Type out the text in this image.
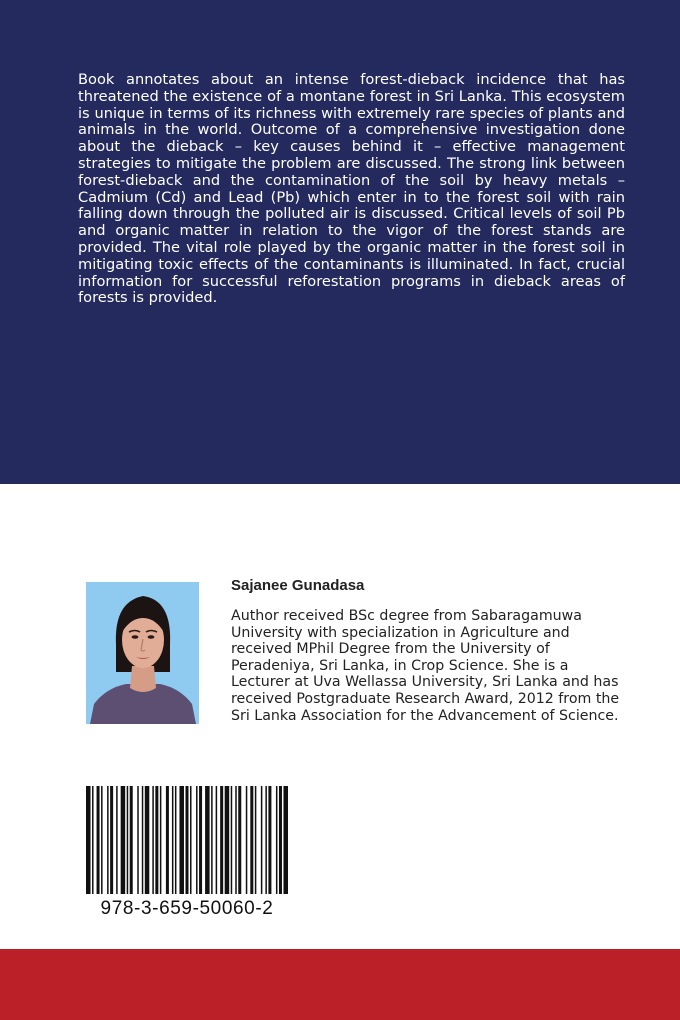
Book annotates about an intense forest-dieback incidence that has threatened the existence of a montane forest in Sri Lanka. This ecosystem is unique in terms of its richness with extremely rare species of plants and animals in the world. Outcome of a comprehensive investigation done about the dieback – key causes behind it – effective management strategies to mitigate the problem are discussed. The strong link between forest-dieback and the contamination of the soil by heavy metals – Cadmium (Cd) and Lead (Pb) which enter in to the forest soil with rain falling down through the polluted air is discussed. Critical levels of soil Pb and organic matter in relation to the vigor of the forest stands are provided. The vital role played by the organic matter in the forest soil in mitigating toxic effects of the contaminants is illuminated. In fact, crucial information for successful reforestation programs in dieback areas of forests is provided.

Sajanee Gunadasa

Author received BSc degree from Sabaragamuwa University with specialization in Agriculture and received MPhil Degree from the University of Peradeniya, Sri Lanka, in Crop Science. She is a Lecturer at Uva Wellassa University, Sri Lanka and has received Postgraduate Research Award, 2012 from the Sri Lanka Association for the Advancement of Science.

978-3-659-50060-2
